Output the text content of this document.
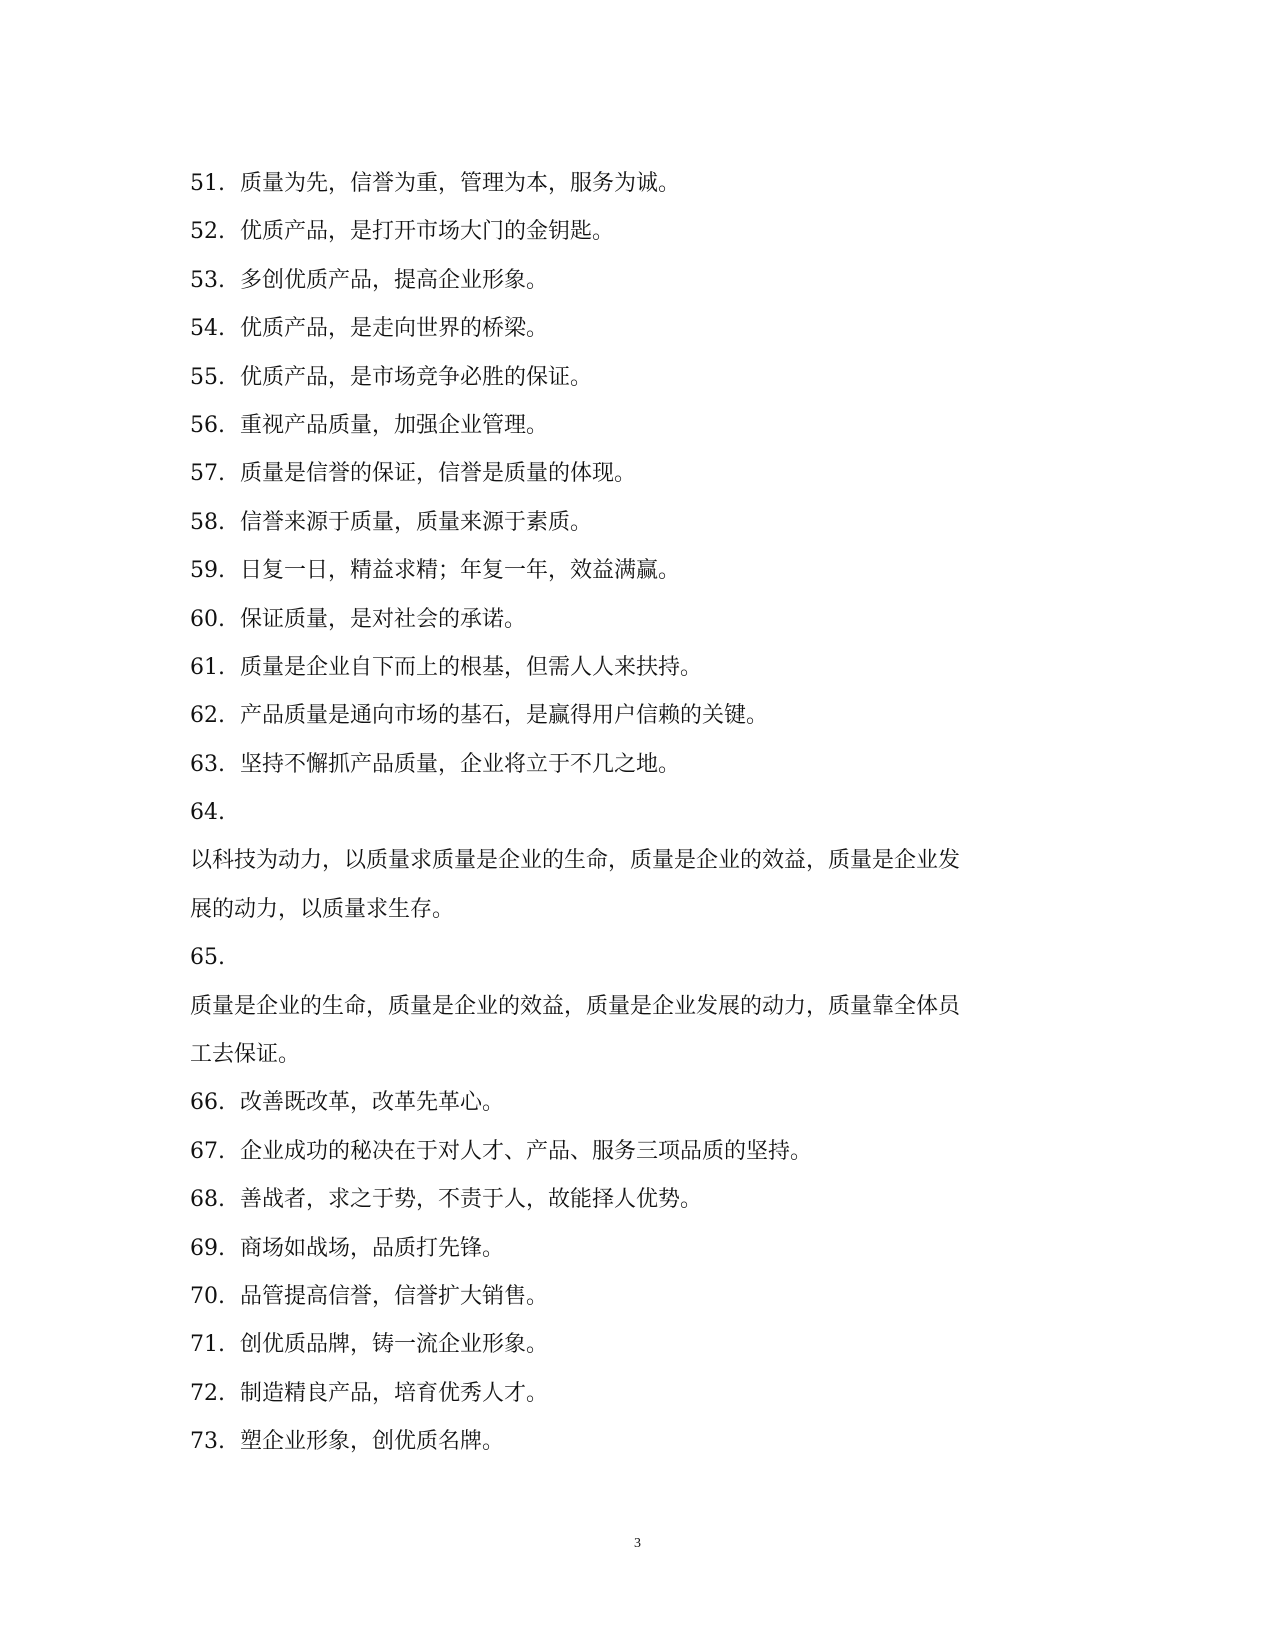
51. 质量为先，信誉为重，管理为本，服务为诚。
52. 优质产品，是打开市场大门的金钥匙。
53. 多创优质产品，提高企业形象。
54. 优质产品，是走向世界的桥梁。
55. 优质产品，是市场竞争必胜的保证。
56. 重视产品质量，加强企业管理。
57. 质量是信誉的保证，信誉是质量的体现。
58. 信誉来源于质量，质量来源于素质。
59. 日复一日，精益求精；年复一年，效益满赢。
60. 保证质量，是对社会的承诺。
61. 质量是企业自下而上的根基，但需人人来扶持。
62. 产品质量是通向市场的基石，是赢得用户信赖的关键。
63. 坚持不懈抓产品质量，企业将立于不几之地。
64.
以科技为动力，以质量求质量是企业的生命，质量是企业的效益，质量是企业发
展的动力，以质量求生存。
65.
质量是企业的生命，质量是企业的效益，质量是企业发展的动力，质量靠全体员
工去保证。
66. 改善既改革，改革先革心。
67. 企业成功的秘决在于对人才、产品、服务三项品质的坚持。
68. 善战者，求之于势，不责于人，故能择人优势。
69. 商场如战场，品质打先锋。
70. 品管提高信誉，信誉扩大销售。
71. 创优质品牌，铸一流企业形象。
72. 制造精良产品，培育优秀人才。
73. 塑企业形象，创优质名牌。
3
